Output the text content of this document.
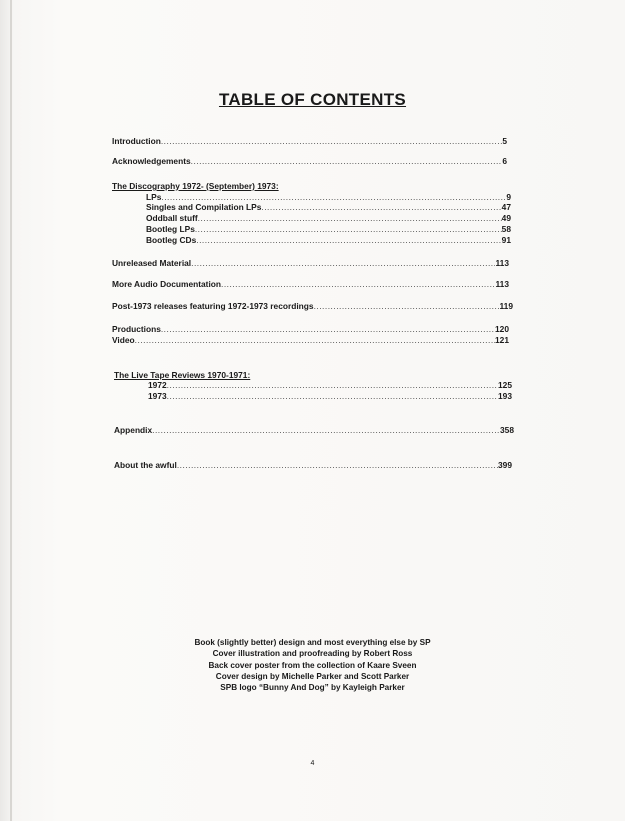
TABLE OF CONTENTS
Introduction .....	5
Acknowledgements .....	6
The Discography 1972- (September) 1973:
LPs .....	9
Singles and Compilation LPs .....	47
Oddball stuff .....	49
Bootleg LPs .....	58
Bootleg CDs .....	91
Unreleased Material .....	113
More Audio Documentation .....	113
Post-1973 releases featuring 1972-1973 recordings .....	119
Productions .....	120
Video .....	121
The Live Tape Reviews 1970-1971:
1972 .....	125
1973 .....	193
Appendix .....	358
About the awful .....	399
Book (slightly better) design and most everything else by SP
Cover illustration and proofreading by Robert Ross
Back cover poster from the collection of Kaare Sveen
Cover design by Michelle Parker and Scott Parker
SPB logo “Bunny And Dog” by Kayleigh Parker
4
